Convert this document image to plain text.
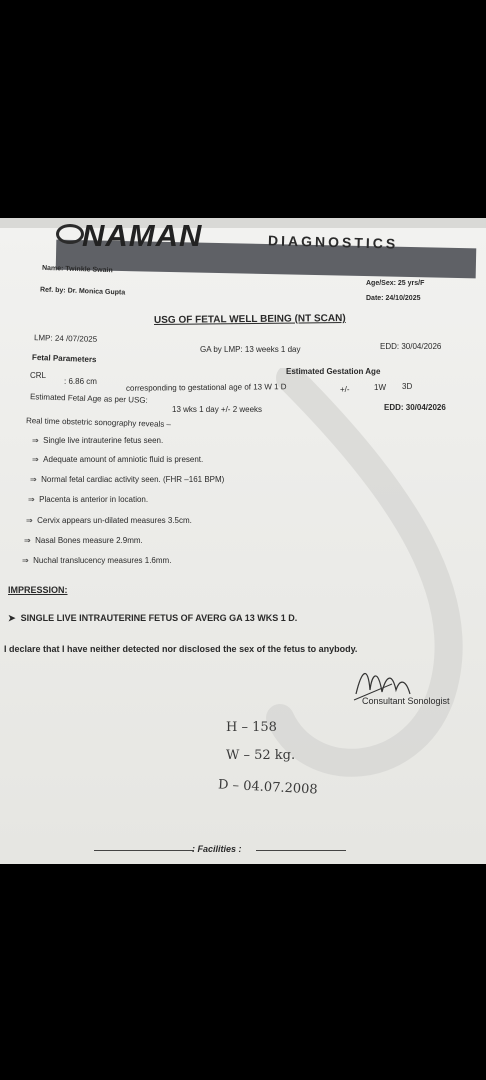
NAMAN	DIAGNOSTICS
Name: Twinkle Swain
Ref. by: Dr. Monica Gupta
Age/Sex: 25 yrs/F
Date: 24/10/2025
USG OF FETAL WELL BEING (NT SCAN)
LMP: 24 /07/2025
GA by LMP: 13 weeks 1 day	EDD: 30/04/2026
Fetal Parameters
Estimated Gestation Age
CRL
: 6.86 cm
corresponding to gestational age of 13 W 1 D	+/-	1W 3D
Estimated Fetal Age as per USG:
13 wks 1 day +/- 2 weeks	EDD: 30/04/2026
Real time obstetric sonography reveals –
⇒ Single live intrauterine fetus seen.
⇒ Adequate amount of amniotic fluid is present.
⇒ Normal fetal cardiac activity seen. (FHR –161 BPM)
⇒ Placenta is anterior in location.
⇒ Cervix appears un-dilated measures 3.5cm.
⇒ Nasal Bones measure 2.9mm.
⇒ Nuchal translucency measures 1.6mm.
IMPRESSION:
➤ SINGLE LIVE INTRAUTERINE FETUS OF AVERG GA 13 WKS 1 D.
I declare that I have neither detected nor disclosed the sex of the fetus to anybody.
Consultant Sonologist
H – 158
W – 52 kg.
D – 04.07.2008
: Facilities :
